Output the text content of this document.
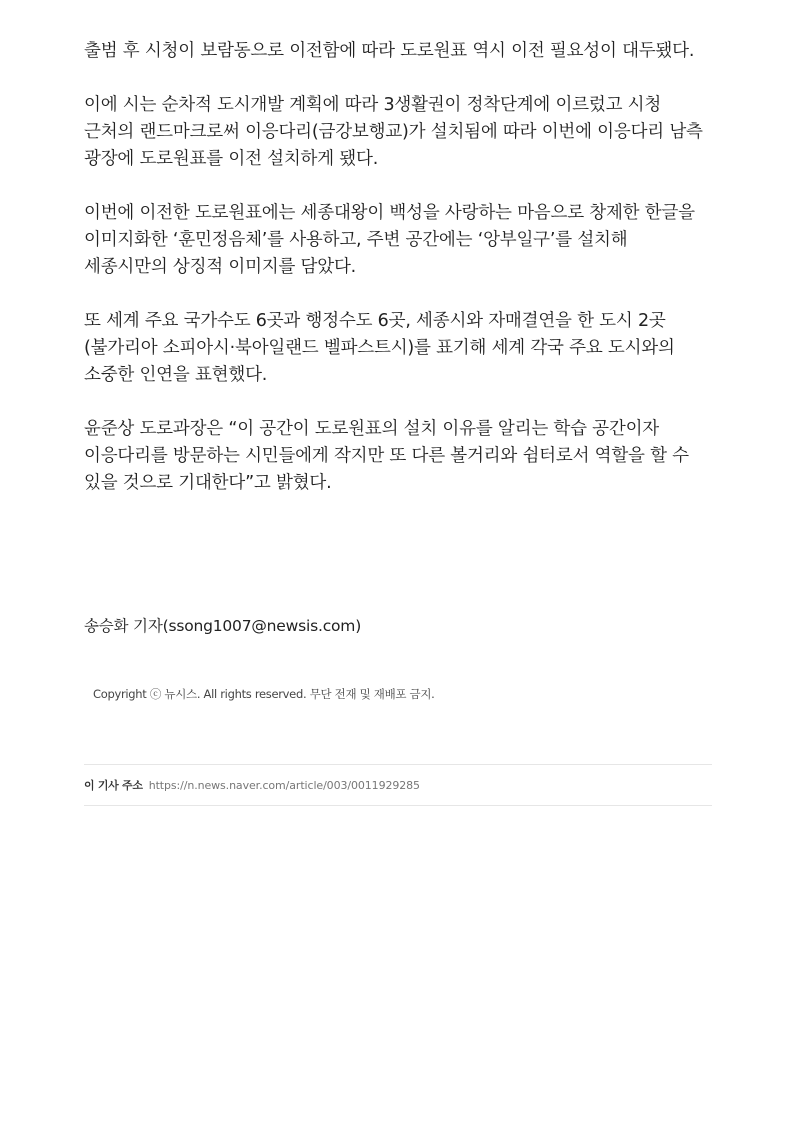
출범 후 시청이 보람동으로 이전함에 따라 도로원표 역시 이전 필요성이 대두됐다.

이에 시는 순차적 도시개발 계획에 따라 3생활권이 정착단계에 이르렀고 시청 근처의 랜드마크로써 이응다리(금강보행교)가 설치됨에 따라 이번에 이응다리 남측 광장에 도로원표를 이전 설치하게 됐다.

이번에 이전한 도로원표에는 세종대왕이 백성을 사랑하는 마음으로 창제한 한글을 이미지화한 ‘훈민정음체’를 사용하고, 주변 공간에는 ‘앙부일구’를 설치해 세종시만의 상징적 이미지를 담았다.

또 세계 주요 국가수도 6곳과 행정수도 6곳, 세종시와 자매결연을 한 도시 2곳(불가리아 소피아시·북아일랜드 벨파스트시)를 표기해 세계 각국 주요 도시와의 소중한 인연을 표현했다.

윤준상 도로과장은 “이 공간이 도로원표의 설치 이유를 알리는 학습 공간이자 이응다리를 방문하는 시민들에게 작지만 또 다른 볼거리와 쉼터로서 역할을 할 수 있을 것으로 기대한다”고 밝혔다.

송승화 기자(ssong1007@newsis.com)

Copyright ⓒ 뉴시스. All rights reserved. 무단 전재 및 재배포 금지.

이 기사 주소 https://n.news.naver.com/article/003/0011929285
